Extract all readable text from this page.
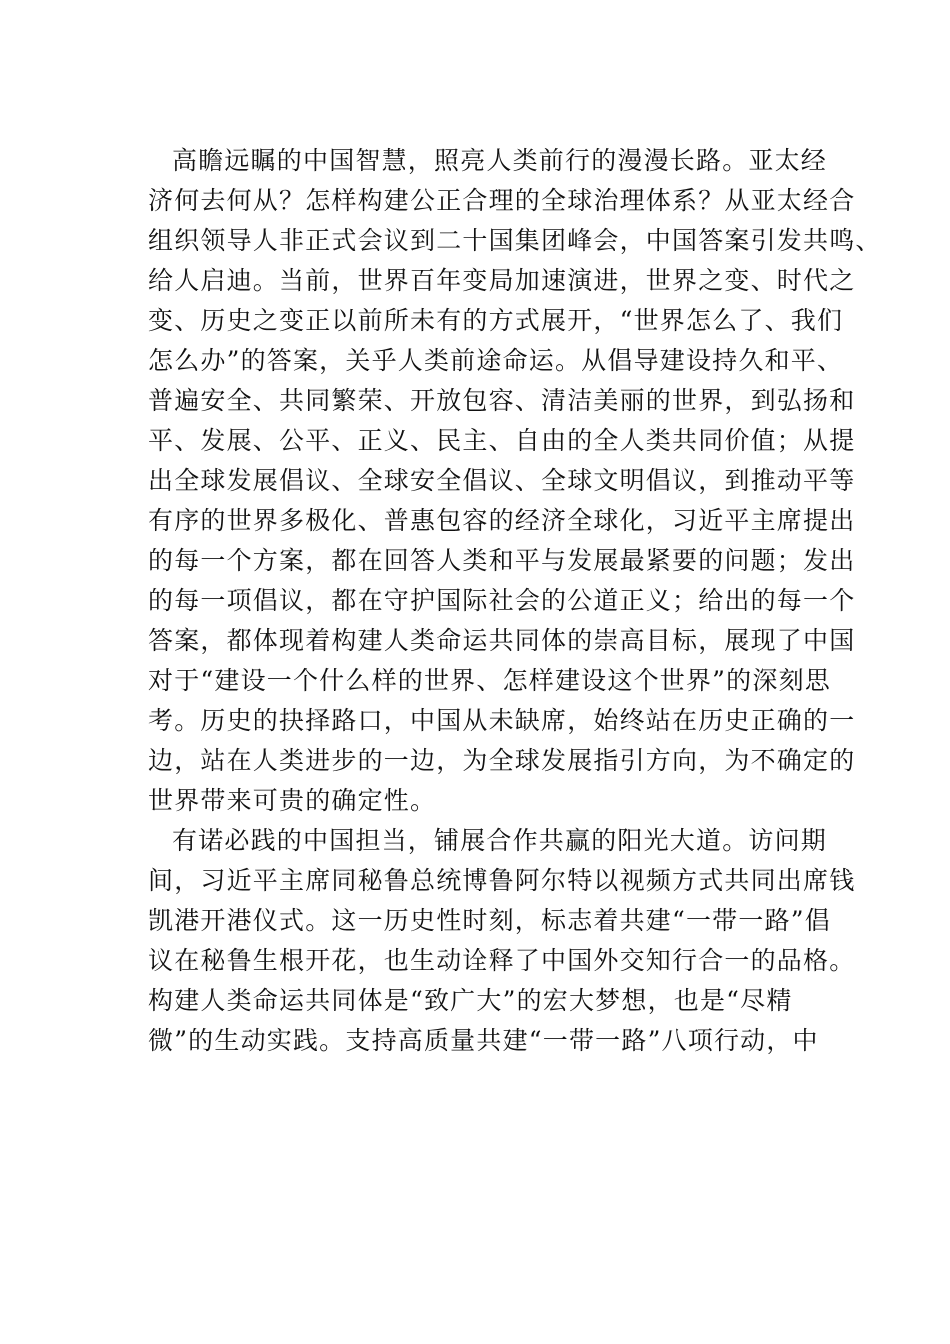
高瞻远瞩的中国智慧，照亮人类前行的漫漫长路。亚太经
济何去何从？怎样构建公正合理的全球治理体系？从亚太经合
组织领导人非正式会议到二十国集团峰会，中国答案引发共鸣、
给人启迪。当前，世界百年变局加速演进，世界之变、时代之
变、历史之变正以前所未有的方式展开，“世界怎么了、我们
怎么办”的答案，关乎人类前途命运。从倡导建设持久和平、
普遍安全、共同繁荣、开放包容、清洁美丽的世界，到弘扬和
平、发展、公平、正义、民主、自由的全人类共同价值；从提
出全球发展倡议、全球安全倡议、全球文明倡议，到推动平等
有序的世界多极化、普惠包容的经济全球化，习近平主席提出
的每一个方案，都在回答人类和平与发展最紧要的问题；发出
的每一项倡议，都在守护国际社会的公道正义；给出的每一个
答案，都体现着构建人类命运共同体的崇高目标，展现了中国
对于“建设一个什么样的世界、怎样建设这个世界”的深刻思
考。历史的抉择路口，中国从未缺席，始终站在历史正确的一
边，站在人类进步的一边，为全球发展指引方向，为不确定的
世界带来可贵的确定性。
有诺必践的中国担当，铺展合作共赢的阳光大道。访问期
间，习近平主席同秘鲁总统博鲁阿尔特以视频方式共同出席钱
凯港开港仪式。这一历史性时刻，标志着共建“一带一路”倡
议在秘鲁生根开花，也生动诠释了中国外交知行合一的品格。
构建人类命运共同体是“致广大”的宏大梦想，也是“尽精
微”的生动实践。支持高质量共建“一带一路”八项行动，中
